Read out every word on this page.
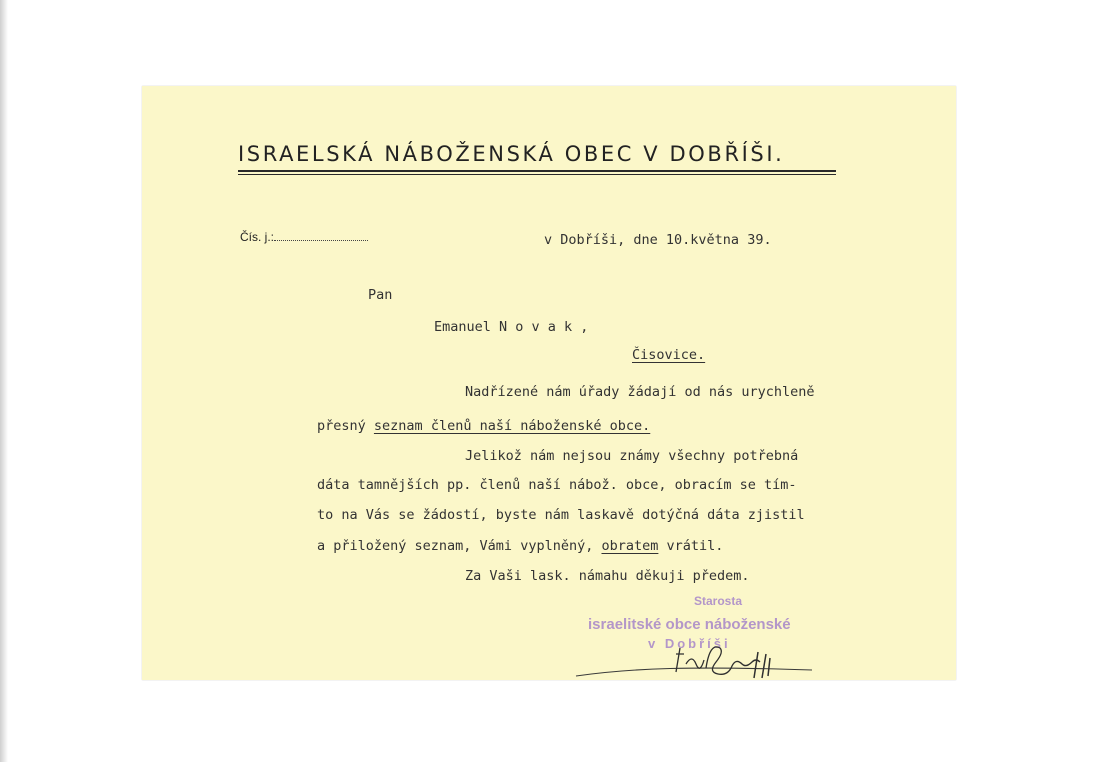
ISRAELSKÁ NÁBOŽENSKÁ OBEC V DOBŘÍŠI.
Čís. j.:	v Dobříši, dne 10.května 39.
Pan
Emanuel N o v a k ,
Čisovice.
Nadřízené nám úřady žádají od nás urychleně
přesný seznam členů naší náboženské obce.
Jelikož nám nejsou známy všechny potřebná
dáta tamnějších pp. členů naší nábož. obce, obracím se tím-
to na Vás se žádostí, byste nám laskavě dotýčná dáta zjistil
a přiložený seznam, Vámi vyplněný, obratem vrátil.
Za Vaši lask. námahu děkuji předem.
Starosta
israelitské obce náboženské
v Dobříši
